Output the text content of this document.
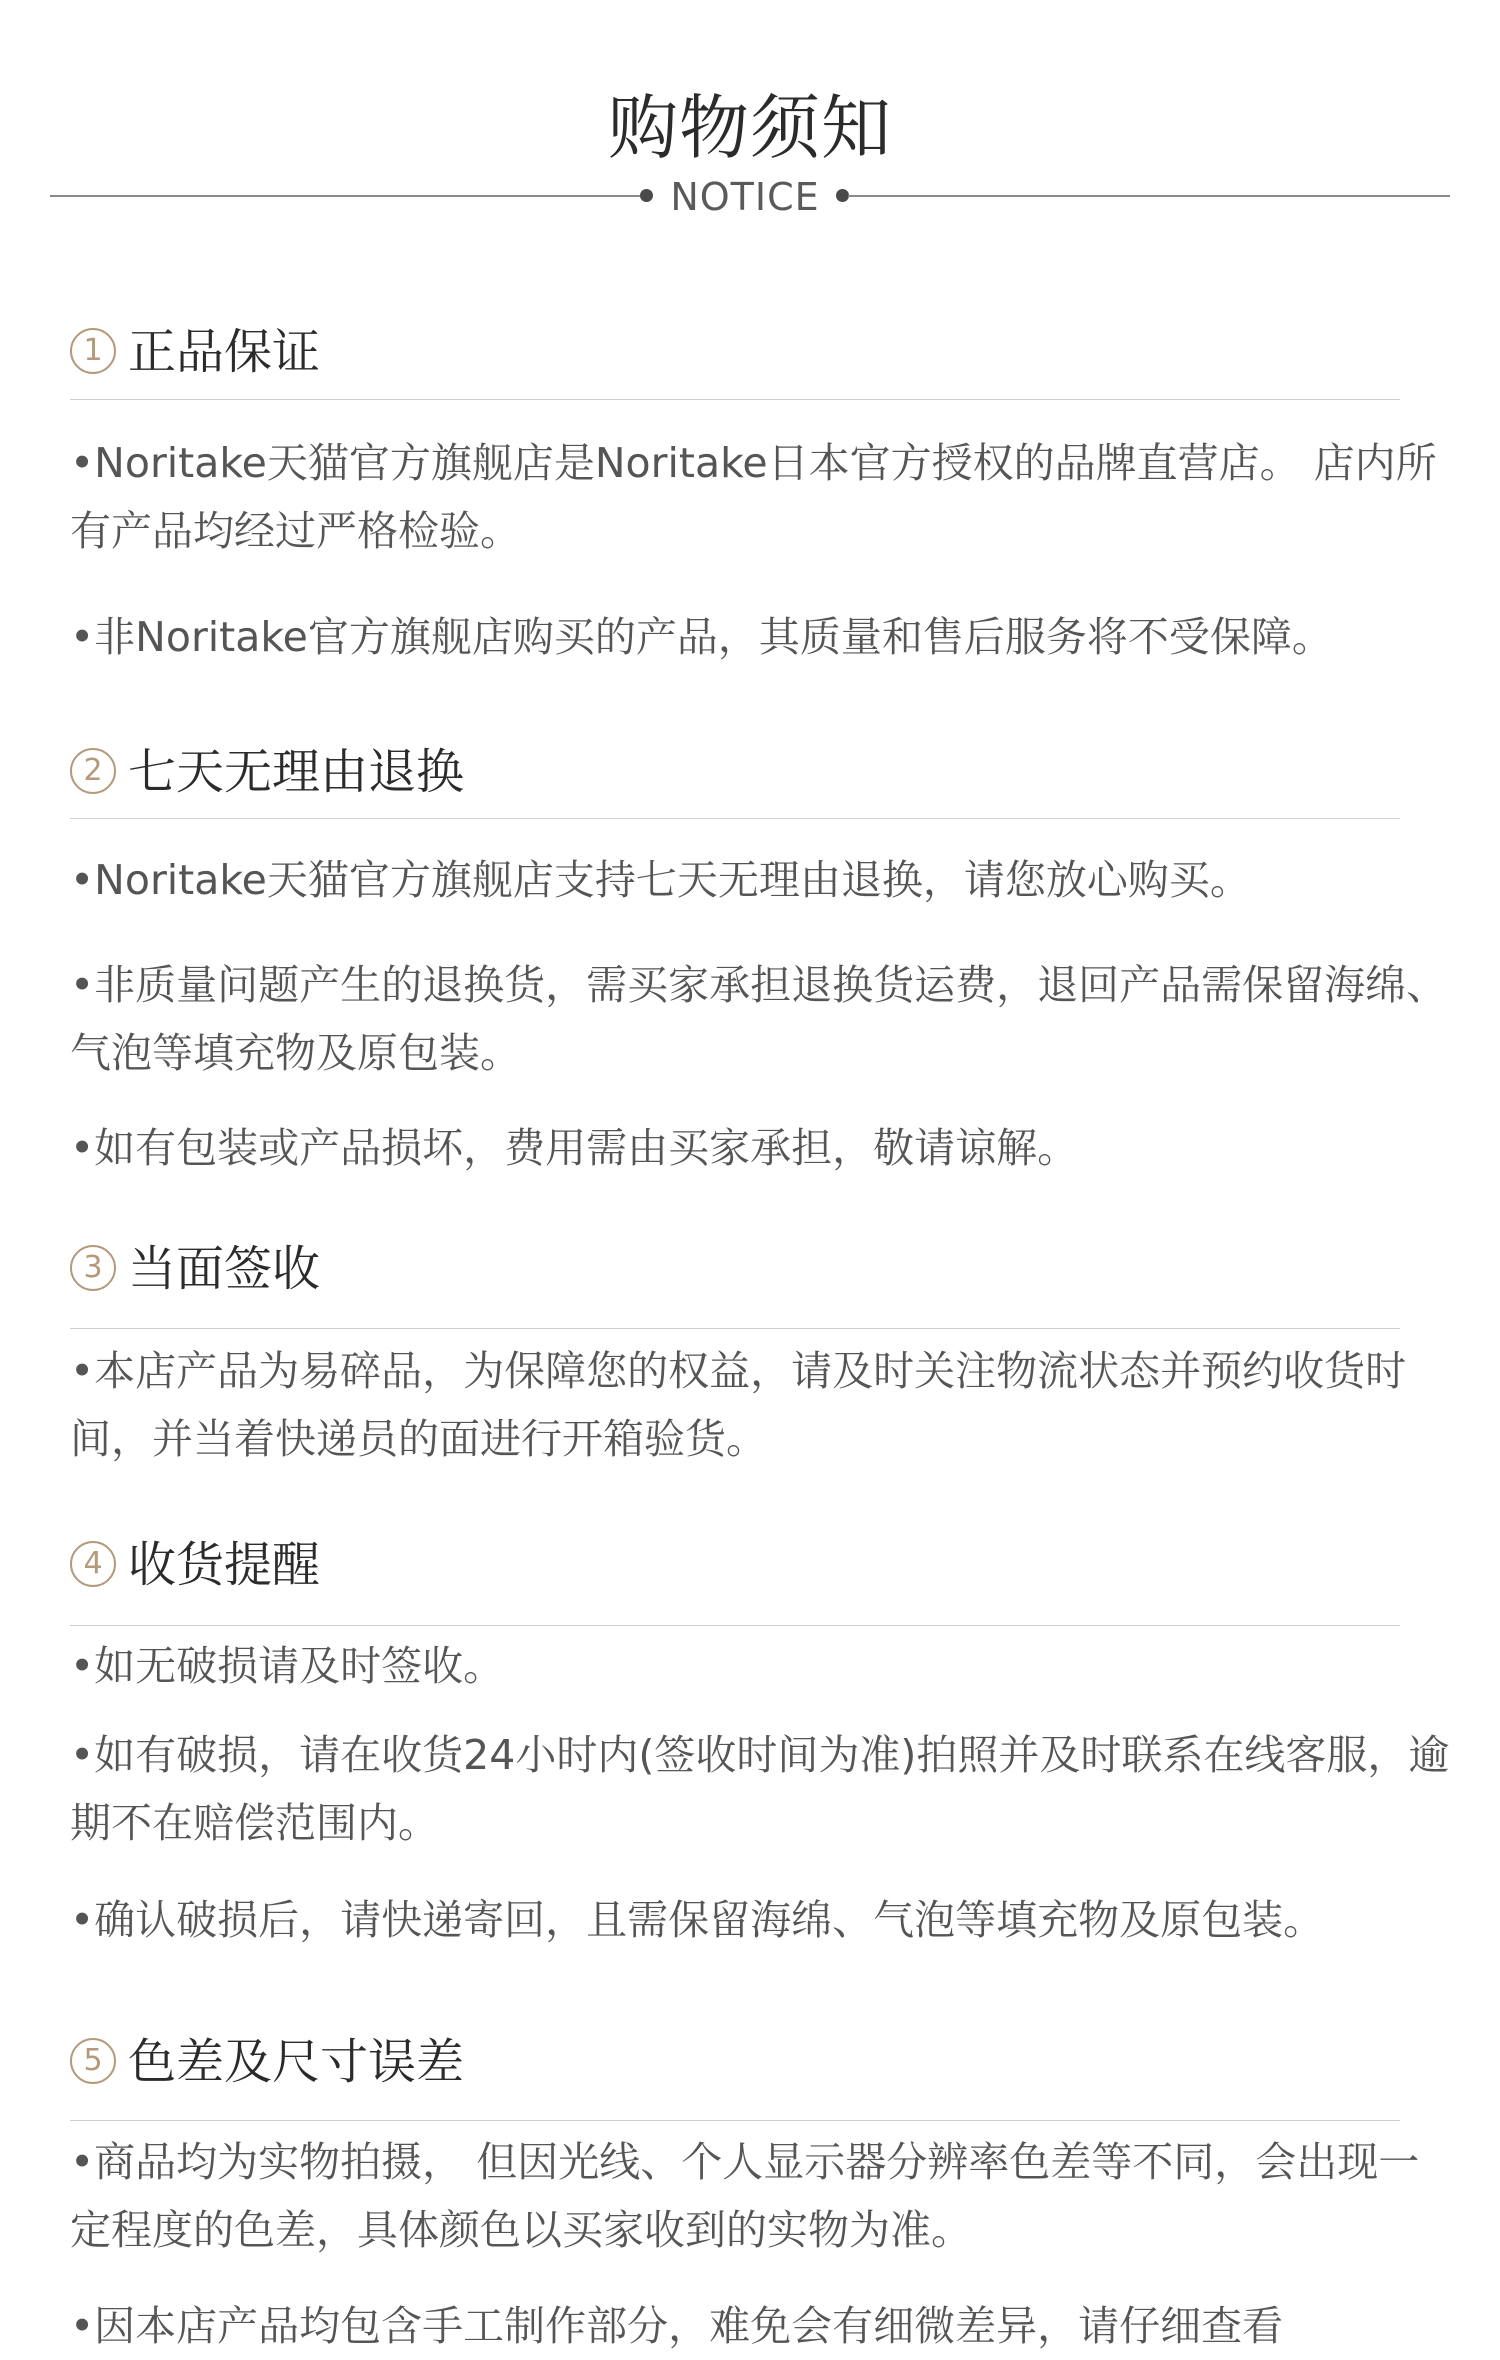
购物须知
NOTICE
1 正品保证
•Noritake天猫官方旗舰店是Noritake日本官方授权的品牌直营店。 店内所有产品均经过严格检验。
•非Noritake官方旗舰店购买的产品，其质量和售后服务将不受保障。
2 七天无理由退换
•Noritake天猫官方旗舰店支持七天无理由退换，请您放心购买。
•非质量问题产生的退换货，需买家承担退换货运费，退回产品需保留海绵、气泡等填充物及原包装。
•如有包装或产品损坏，费用需由买家承担，敬请谅解。
3 当面签收
•本店产品为易碎品，为保障您的权益，请及时关注物流状态并预约收货时间，并当着快递员的面进行开箱验货。
4 收货提醒
•如无破损请及时签收。
•如有破损，请在收货24小时内(签收时间为准)拍照并及时联系在线客服，逾期不在赔偿范围内。
•确认破损后，请快递寄回，且需保留海绵、气泡等填充物及原包装。
5 色差及尺寸误差
•商品均为实物拍摄， 但因光线、个人显示器分辨率色差等不同，会出现一定程度的色差，具体颜色以买家收到的实物为准。
•因本店产品均包含手工制作部分，难免会有细微差异，请仔细查看
